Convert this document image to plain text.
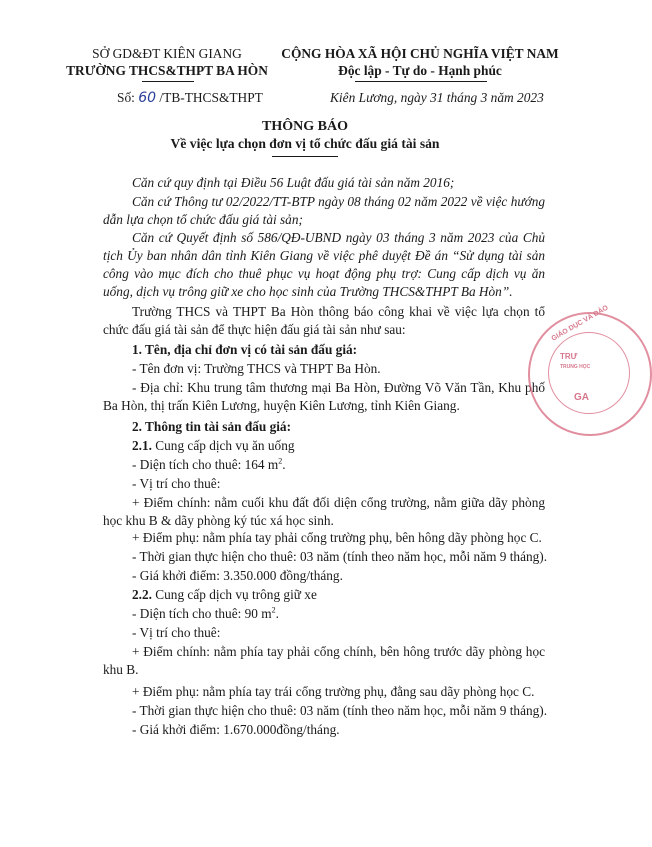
SỞ GD&ĐT KIÊN GIANG
TRƯỜNG THCS&THPT BA HÒN
Số: 60 /TB-THCS&THPT
CỘNG HÒA XÃ HỘI CHỦ NGHĨA VIỆT NAM
Độc lập - Tự do - Hạnh phúc
Kiên Lương, ngày 31 tháng 3 năm 2023
THÔNG BÁO
Về việc lựa chọn đơn vị tổ chức đấu giá tài sản
Căn cứ quy định tại Điều 56 Luật đấu giá tài sản năm 2016;
Căn cứ Thông tư 02/2022/TT-BTP ngày 08 tháng 02 năm 2022 về việc hướng dẫn lựa chọn tổ chức đấu giá tài sản;
Căn cứ Quyết định số 586/QĐ-UBND ngày 03 tháng 3 năm 2023 của Chủ tịch Ủy ban nhân dân tỉnh Kiên Giang về việc phê duyệt Đề án “Sử dụng tài sản công vào mục đích cho thuê phục vụ hoạt động phụ trợ: Cung cấp dịch vụ ăn uống, dịch vụ trông giữ xe cho học sinh của Trường THCS&THPT Ba Hòn”.
Trường THCS và THPT Ba Hòn thông báo công khai về việc lựa chọn tổ chức đấu giá tài sản để thực hiện đấu giá tài sản như sau:
1. Tên, địa chỉ đơn vị có tài sản đấu giá:
- Tên đơn vị: Trường THCS và THPT Ba Hòn.
- Địa chỉ: Khu trung tâm thương mại Ba Hòn, Đường Võ Văn Tần, Khu phố Ba Hòn, thị trấn Kiên Lương, huyện Kiên Lương, tỉnh Kiên Giang.
2. Thông tin tài sản đấu giá:
2.1. Cung cấp dịch vụ ăn uống
- Diện tích cho thuê: 164 $m^2$.
- Vị trí cho thuê:
+ Điểm chính: nằm cuối khu đất đối diện cổng trường, nằm giữa dãy phòng học khu B & dãy phòng ký túc xá học sinh.
+ Điểm phụ: nằm phía tay phải cổng trường phụ, bên hông dãy phòng học C.
- Thời gian thực hiện cho thuê: 03 năm (tính theo năm học, mỗi năm 9 tháng).
- Giá khởi điểm: 3.350.000 đồng/tháng.
2.2. Cung cấp dịch vụ trông giữ xe
- Diện tích cho thuê: 90 $m^2$.
- Vị trí cho thuê:
+ Điểm chính: nằm phía tay phải cổng chính, bên hông trước dãy phòng học khu B.
+ Điểm phụ: nằm phía tay trái cổng trường phụ, đằng sau dãy phòng học C.
- Thời gian thực hiện cho thuê: 03 năm (tính theo năm học, mỗi năm 9 tháng).
- Giá khởi điểm: 1.670.000đồng/tháng.
GIÁO DỤC VÀ ĐÀO
TRƯ
TRUNG HỌC
GA
